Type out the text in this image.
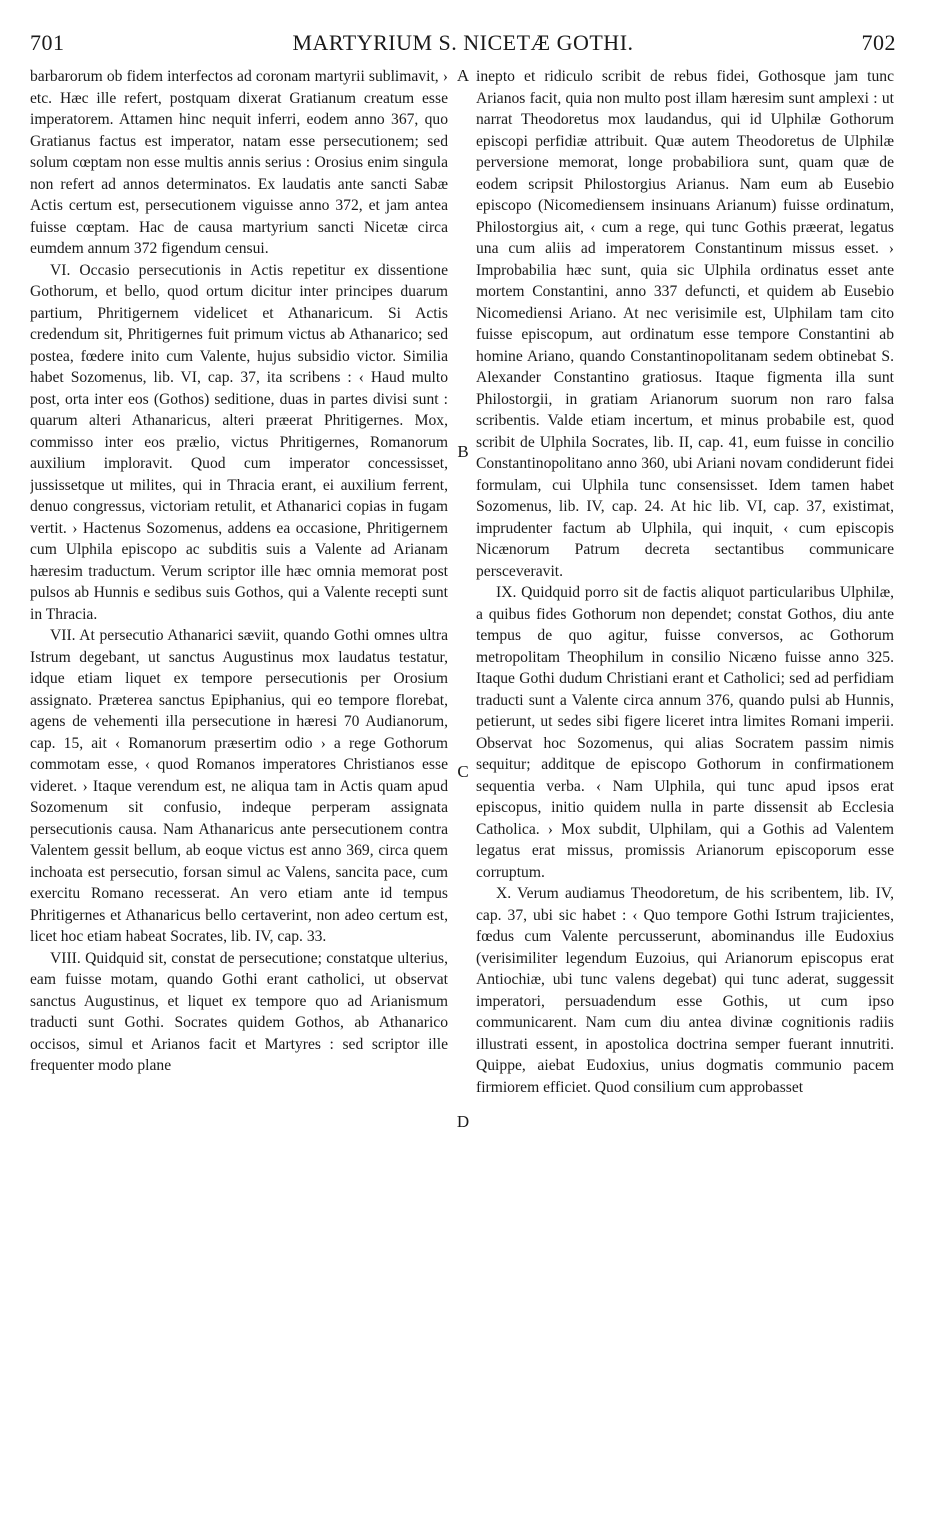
701	MARTYRIUM S. NICETÆ GOTHI.	702

barbarorum ob fidem interfectos ad coronam martyrii sublimavit, › etc. Hæc ille refert, postquam dixerat Gratianum creatum esse imperatorem. Attamen hinc nequit inferri, eodem anno 367, quo Gratianus factus est imperator, natam esse persecutionem; sed solum cœptam non esse multis annis serius : Orosius enim singula non refert ad annos determinatos. Ex laudatis ante sancti Sabæ Actis certum est, persecutionem viguisse anno 372, et jam antea fuisse cœptam. Hac de causa martyrium sancti Nicetæ circa eumdem annum 372 figendum censui.

VI. Occasio persecutionis in Actis repetitur ex dissentione Gothorum, et bello, quod ortum dicitur inter principes duarum partium, Phritigernem videlicet et Athanaricum. Si Actis credendum sit, Phritigernes fuit primum victus ab Athanarico; sed postea, fœdere inito cum Valente, hujus subsidio victor. Similia habet Sozomenus, lib. VI, cap. 37, ita scribens : ‹ Haud multo post, orta inter eos (Gothos) seditione, duas in partes divisi sunt : quarum alteri Athanaricus, alteri præerat Phritigernes. Mox, commisso inter eos prælio, victus Phritigernes, Romanorum auxilium imploravit. Quod cum imperator concessisset, jussissetque ut milites, qui in Thracia erant, ei auxilium ferrent, denuo congressus, victoriam retulit, et Athanarici copias in fugam vertit. › Hactenus Sozomenus, addens ea occasione, Phritigernem cum Ulphila episcopo ac subditis suis a Valente ad Arianam hæresim traductum. Verum scriptor ille hæc omnia memorat post pulsos ab Hunnis e sedibus suis Gothos, qui a Valente recepti sunt in Thracia.

VII. At persecutio Athanarici sæviit, quando Gothi omnes ultra Istrum degebant, ut sanctus Augustinus mox laudatus testatur, idque etiam liquet ex tempore persecutionis per Orosium assignato. Præterea sanctus Epiphanius, qui eo tempore florebat, agens de vehementi illa persecutione in hæresi 70 Audianorum, cap. 15, ait ‹ Romanorum præsertim odio › a rege Gothorum commotam esse, ‹ quod Romanos imperatores Christianos esse videret. › Itaque verendum est, ne aliqua tam in Actis quam apud Sozomenum sit confusio, indeque perperam assignata persecutionis causa. Nam Athanaricus ante persecutionem contra Valentem gessit bellum, ab eoque victus est anno 369, circa quem inchoata est persecutio, forsan simul ac Valens, sancita pace, cum exercitu Romano recesserat. An vero etiam ante id tempus Phritigernes et Athanaricus bello certaverint, non adeo certum est, licet hoc etiam habeat Socrates, lib. IV, cap. 33.

VIII. Quidquid sit, constat de persecutione; constatque ulterius, eam fuisse motam, quando Gothi erant catholici, ut observat sanctus Augustinus, et liquet ex tempore quo ad Arianismum traducti sunt Gothi. Socrates quidem Gothos, ab Athanarico occisos, simul et Arianos facit et Martyres : sed scriptor ille frequenter modo plane

A
B
C
D

inepto et ridiculo scribit de rebus fidei, Gothosque jam tunc Arianos facit, quia non multo post illam hæresim sunt amplexi : ut narrat Theodoretus mox laudandus, qui id Ulphilæ Gothorum episcopi perfidiæ attribuit. Quæ autem Theodoretus de Ulphilæ perversione memorat, longe probabiliora sunt, quam quæ de eodem scripsit Philostorgius Arianus. Nam eum ab Eusebio episcopo (Nicomediensem insinuans Arianum) fuisse ordinatum, Philostorgius ait, ‹ cum a rege, qui tunc Gothis præerat, legatus una cum aliis ad imperatorem Constantinum missus esset. › Improbabilia hæc sunt, quia sic Ulphila ordinatus esset ante mortem Constantini, anno 337 defuncti, et quidem ab Eusebio Nicomediensi Ariano. At nec verisimile est, Ulphilam tam cito fuisse episcopum, aut ordinatum esse tempore Constantini ab homine Ariano, quando Constantinopolitanam sedem obtinebat S. Alexander Constantino gratiosus. Itaque figmenta illa sunt Philostorgii, in gratiam Arianorum suorum non raro falsa scribentis. Valde etiam incertum, et minus probabile est, quod scribit de Ulphila Socrates, lib. II, cap. 41, eum fuisse in concilio Constantinopolitano anno 360, ubi Ariani novam condiderunt fidei formulam, cui Ulphila tunc consensisset. Idem tamen habet Sozomenus, lib. IV, cap. 24. At hic lib. VI, cap. 37, existimat, imprudenter factum ab Ulphila, qui inquit, ‹ cum episcopis Nicænorum Patrum decreta sectantibus communicare persceveravit.

IX. Quidquid porro sit de factis aliquot particularibus Ulphilæ, a quibus fides Gothorum non dependet; constat Gothos, diu ante tempus de quo agitur, fuisse conversos, ac Gothorum metropolitam Theophilum in consilio Nicæno fuisse anno 325. Itaque Gothi dudum Christiani erant et Catholici; sed ad perfidiam traducti sunt a Valente circa annum 376, quando pulsi ab Hunnis, petierunt, ut sedes sibi figere liceret intra limites Romani imperii. Observat hoc Sozomenus, qui alias Socratem passim nimis sequitur; additque de episcopo Gothorum in confirmationem sequentia verba. ‹ Nam Ulphila, qui tunc apud ipsos erat episcopus, initio quidem nulla in parte dissensit ab Ecclesia Catholica. › Mox subdit, Ulphilam, qui a Gothis ad Valentem legatus erat missus, promissis Arianorum episcoporum esse corruptum.

X. Verum audiamus Theodoretum, de his scribentem, lib. IV, cap. 37, ubi sic habet : ‹ Quo tempore Gothi Istrum trajicientes, fœdus cum Valente percusserunt, abominandus ille Eudoxius (verisimiliter legendum Euzoius, qui Arianorum episcopus erat Antiochiæ, ubi tunc valens degebat) qui tunc aderat, suggessit imperatori, persuadendum esse Gothis, ut cum ipso communicarent. Nam cum diu antea divinæ cognitionis radiis illustrati essent, in apostolica doctrina semper fuerant innutriti. Quippe, aiebat Eudoxius, unius dogmatis communio pacem firmiorem efficiet. Quod consilium cum approbasset
